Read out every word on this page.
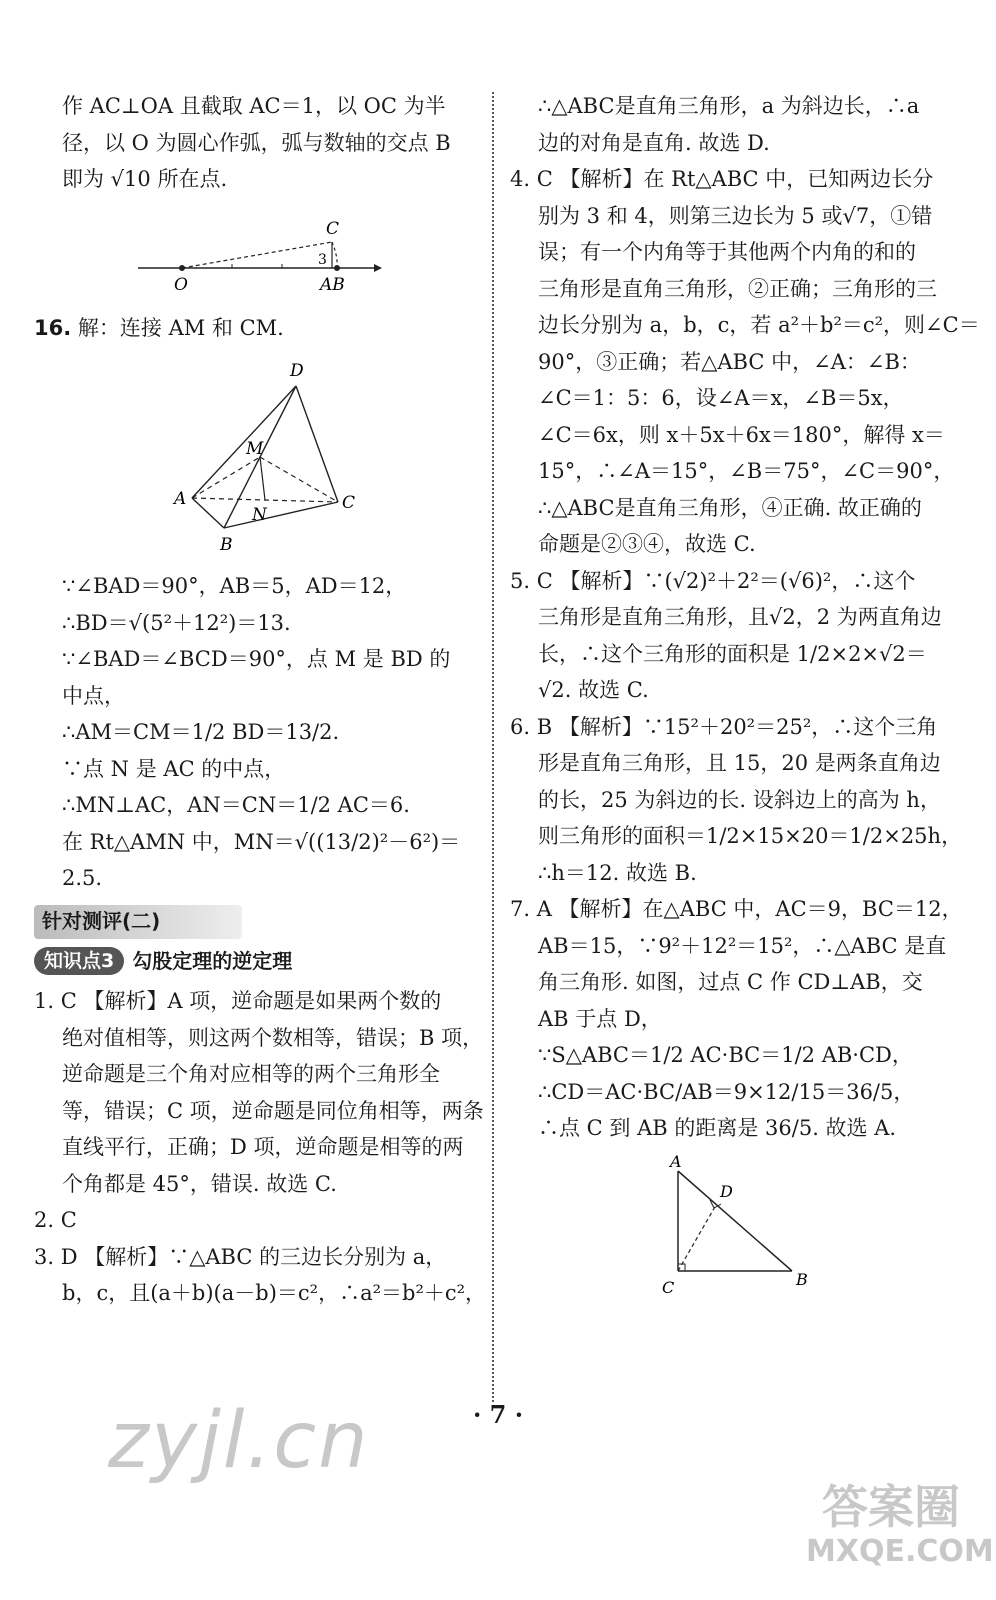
作 AC⊥OA 且截取 AC＝1，以 OC 为半
径，以 O 为圆心作弧，弧与数轴的交点 B
即为 √10 所在点.
C
O	AB
3
16. 解：连接 AM 和 CM.
D
M
A
N
C
B
∵∠BAD＝90°，AB＝5，AD＝12，
∴BD＝√(5²＋12²)＝13.
∵∠BAD＝∠BCD＝90°，点 M 是 BD 的
中点，
∴AM＝CM＝1/2 BD＝13/2.
∵点 N 是 AC 的中点，
∴MN⊥AC，AN＝CN＝1/2 AC＝6.
在 Rt△AMN 中，MN＝√((13/2)²－6²)＝
2.5.
针对测评(二)
知识点3 勾股定理的逆定理
1. C 【解析】A 项，逆命题是如果两个数的
绝对值相等，则这两个数相等，错误；B 项，
逆命题是三个角对应相等的两个三角形全
等，错误；C 项，逆命题是同位角相等，两条
直线平行，正确；D 项，逆命题是相等的两
个角都是 45°，错误. 故选 C.
2. C
3. D 【解析】∵△ABC 的三边长分别为 a，
b，c，且(a＋b)(a－b)＝c²，∴a²＝b²＋c²，
∴△ABC是直角三角形，a 为斜边长，∴a
边的对角是直角. 故选 D.
4. C 【解析】在 Rt△ABC 中，已知两边长分
别为 3 和 4，则第三边长为 5 或√7，①错
误；有一个内角等于其他两个内角的和的
三角形是直角三角形，②正确；三角形的三
边长分别为 a，b，c，若 a²＋b²＝c²，则∠C＝
90°，③正确；若△ABC 中，∠A：∠B：
∠C＝1：5：6，设∠A＝x，∠B＝5x，
∠C＝6x，则 x＋5x＋6x＝180°，解得 x＝
15°，∴∠A＝15°，∠B＝75°，∠C＝90°，
∴△ABC是直角三角形，④正确. 故正确的
命题是②③④，故选 C.
5. C 【解析】∵(√2)²＋2²＝(√6)²，∴这个
三角形是直角三角形，且√2，2 为两直角边
长，∴这个三角形的面积是 1/2×2×√2＝
√2. 故选 C.
6. B 【解析】∵15²＋20²＝25²，∴这个三角
形是直角三角形，且 15，20 是两条直角边
的长，25 为斜边的长. 设斜边上的高为 h，
则三角形的面积＝1/2×15×20＝1/2×25h，
∴h＝12. 故选 B.
7. A 【解析】在△ABC 中，AC＝9，BC＝12，
AB＝15，∵9²＋12²＝15²，∴△ABC 是直
角三角形. 如图，过点 C 作 CD⊥AB，交
AB 于点 D，
∵S△ABC＝1/2 AC·BC＝1/2 AB·CD，
∴CD＝AC·BC/AB＝9×12/15＝36/5，
∴点 C 到 AB 的距离是 36/5. 故选 A.
A
D
C	B
· 7 ·
zyjl.cn
答案圈
MXQE.COM
